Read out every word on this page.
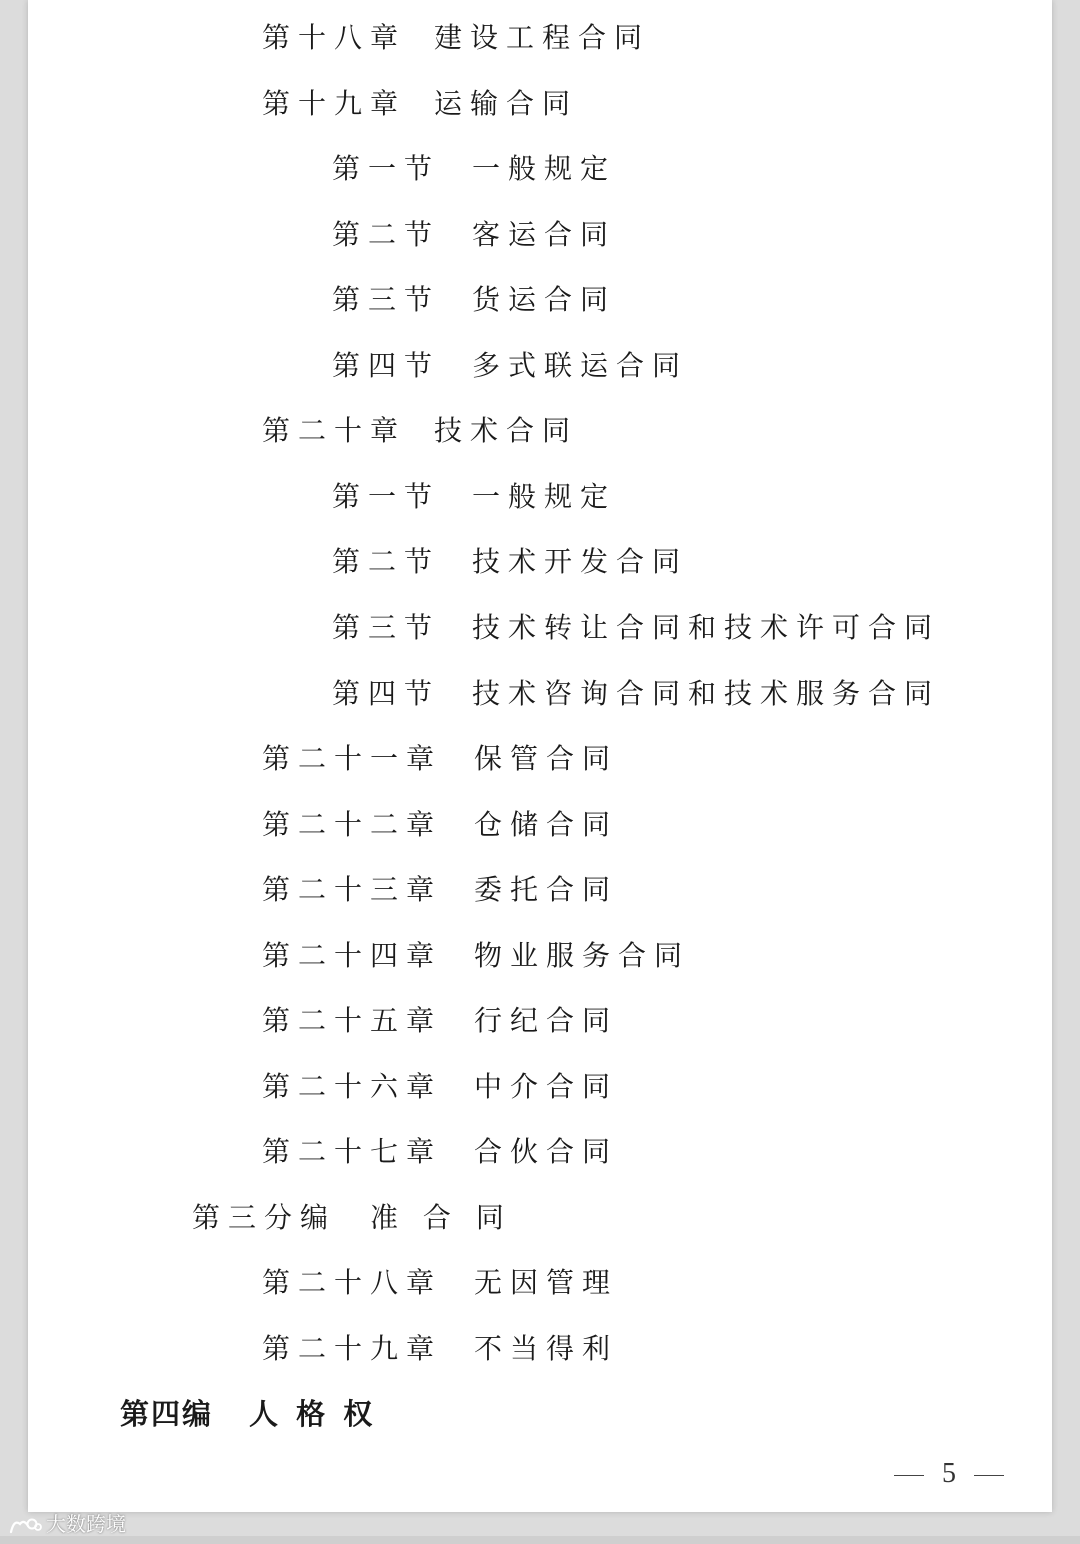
第十八章 建设工程合同
第十九章 运输合同
第一节 一般规定
第二节 客运合同
第三节 货运合同
第四节 多式联运合同
第二十章 技术合同
第一节 一般规定
第二节 技术开发合同
第三节 技术转让合同和技术许可合同
第四节 技术咨询合同和技术服务合同
第二十一章 保管合同
第二十二章 仓储合同
第二十三章 委托合同
第二十四章 物业服务合同
第二十五章 行纪合同
第二十六章 中介合同
第二十七章 合伙合同
第三分编 准 合 同
第二十八章 无因管理
第二十九章 不当得利
第四编 人 格 权
5
大数跨境
